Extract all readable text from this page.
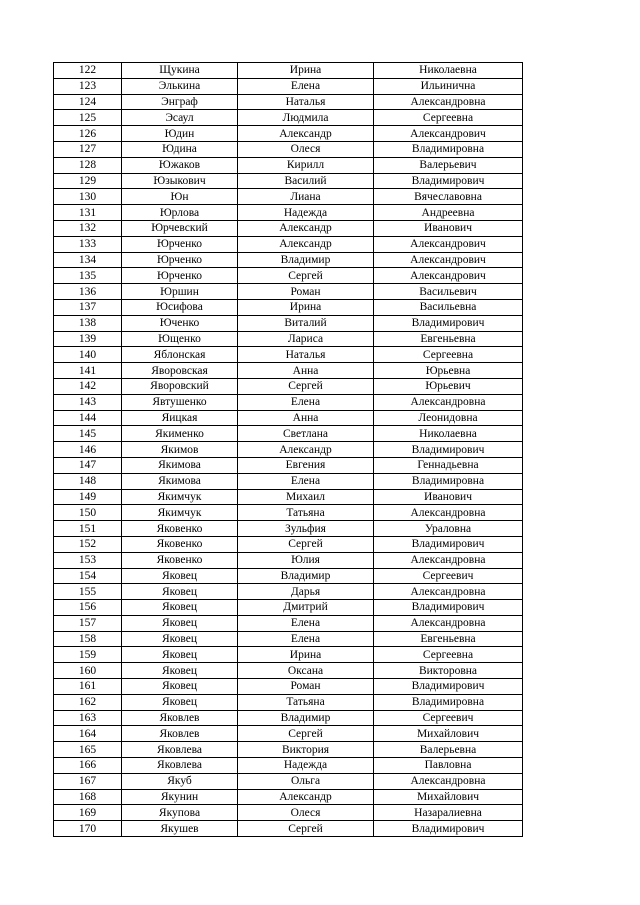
122	Щукина	Ирина	Николаевна
123	Элькина	Елена	Ильинична
124	Энграф	Наталья	Александровна
125	Эсаул	Людмила	Сергеевна
126	Юдин	Александр	Александрович
127	Юдина	Олеся	Владимировна
128	Южаков	Кирилл	Валерьевич
129	Юзыкович	Василий	Владимирович
130	Юн	Лиана	Вячеславовна
131	Юрлова	Надежда	Андреевна
132	Юрчевский	Александр	Иванович
133	Юрченко	Александр	Александрович
134	Юрченко	Владимир	Александрович
135	Юрченко	Сергей	Александрович
136	Юршин	Роман	Васильевич
137	Юсифова	Ирина	Васильевна
138	Юченко	Виталий	Владимирович
139	Ющенко	Лариса	Евгеньевна
140	Яблонская	Наталья	Сергеевна
141	Яворовская	Анна	Юрьевна
142	Яворовский	Сергей	Юрьевич
143	Явтушенко	Елена	Александровна
144	Яицкая	Анна	Леонидовна
145	Якименко	Светлана	Николаевна
146	Якимов	Александр	Владимирович
147	Якимова	Евгения	Геннадьевна
148	Якимова	Елена	Владимировна
149	Якимчук	Михаил	Иванович
150	Якимчук	Татьяна	Александровна
151	Яковенко	Зульфия	Ураловна
152	Яковенко	Сергей	Владимирович
153	Яковенко	Юлия	Александровна
154	Яковец	Владимир	Сергеевич
155	Яковец	Дарья	Александровна
156	Яковец	Дмитрий	Владимирович
157	Яковец	Елена	Александровна
158	Яковец	Елена	Евгеньевна
159	Яковец	Ирина	Сергеевна
160	Яковец	Оксана	Викторовна
161	Яковец	Роман	Владимирович
162	Яковец	Татьяна	Владимировна
163	Яковлев	Владимир	Сергеевич
164	Яковлев	Сергей	Михайлович
165	Яковлева	Виктория	Валерьевна
166	Яковлева	Надежда	Павловна
167	Якуб	Ольга	Александровна
168	Якунин	Александр	Михайлович
169	Якупова	Олеся	Назаралиевна
170	Якушев	Сергей	Владимирович
